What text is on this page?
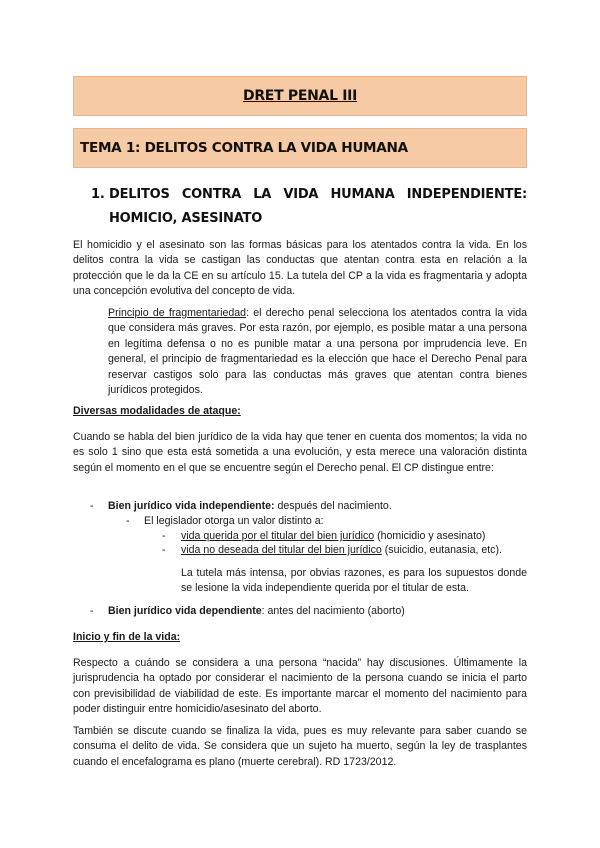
DRET PENAL III
TEMA 1: DELITOS CONTRA LA VIDA HUMANA
1. DELITOS CONTRA LA VIDA HUMANA INDEPENDIENTE: HOMICIO, ASESINATO

El homicidio y el asesinato son las formas básicas para los atentados contra la vida. En los delitos contra la vida se castigan las conductas que atentan contra esta en relación a la protección que le da la CE en su artículo 15. La tutela del CP a la vida es fragmentaria y adopta una concepción evolutiva del concepto de vida.

Principio de fragmentariedad: el derecho penal selecciona los atentados contra la vida que considera más graves. Por esta razón, por ejemplo, es posible matar a una persona en legítima defensa o no es punible matar a una persona por imprudencia leve. En general, el principio de fragmentariedad es la elección que hace el Derecho Penal para reservar castigos solo para las conductas más graves que atentan contra bienes jurídicos protegidos.

Diversas modalidades de ataque:

Cuando se habla del bien jurídico de la vida hay que tener en cuenta dos momentos; la vida no es solo 1 sino que esta está sometida a una evolución, y esta merece una valoración distinta según el momento en el que se encuentre según el Derecho penal. El CP distingue entre:

- Bien jurídico vida independiente: después del nacimiento.
- El legislador otorga un valor distinto a:
- vida querida por el titular del bien jurídico (homicidio y asesinato)
- vida no deseada del titular del bien jurídico (suicidio, eutanasia, etc).

La tutela más intensa, por obvias razones, es para los supuestos donde se lesione la vida independiente querida por el titular de esta.

- Bien jurídico vida dependiente: antes del nacimiento (aborto)

Inicio y fin de la vida:

Respecto a cuándo se considera a una persona “nacida” hay discusiones. Últimamente la jurisprudencia ha optado por considerar el nacimiento de la persona cuando se inicia el parto con previsibilidad de viabilidad de este. Es importante marcar el momento del nacimiento para poder distinguir entre homicidio/asesinato del aborto.

También se discute cuando se finaliza la vida, pues es muy relevante para saber cuando se consuma el delito de vida. Se considera que un sujeto ha muerto, según la ley de trasplantes cuando el encefalograma es plano (muerte cerebral). RD 1723/2012.
